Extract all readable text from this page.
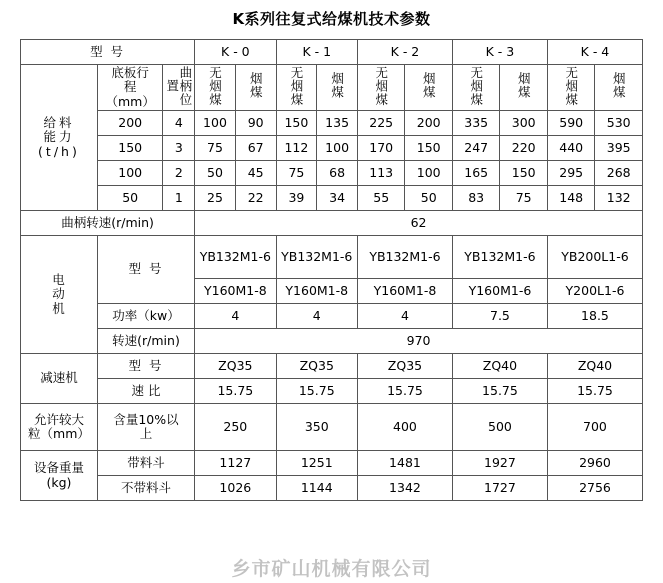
K系列往复式给煤机技术参数
型 号			K - 0		K - 1		K - 2		K - 3		K - 4	

给料
能力
(t/h)

底板行
程
（mm）	曲柄位置	无烟煤	烟煤	无烟煤	烟煤	无烟煤	烟煤	无烟煤	烟煤	无烟煤	烟煤
	200	4	100	90	150	135	225	200	335	300	590	530
	150	3	75	67	112	100	170	150	247	220	440	395
	100	2	50	45	75	68	113	100	165	150	295	268
	50	1	25	22	39	34	55	50	83	75	148	132
曲柄转速(r/min)			62									

电
动
机	型 号		YB132M1-6		YB132M1-6		YB132M1-6		YB132M1-6		YB200L1-6	
			Y160M1-8		Y160M1-8		Y160M1-8		Y160M1-6		Y200L1-6	
	功率（kw）		4		4		4		7.5		18.5	
	转速(r/min)		970									
减速机	型 号		ZQ35		ZQ35		ZQ35		ZQ40		ZQ40	
	速 比		15.75		15.75		15.75		15.75		15.75	

允许较大
粒（mm）

含量10%以
上	250	350	400	500	700

设备重量
(kg)	带料斗		1127		1251		1481		1927		2960	
	不带料斗		1026		1144		1342		1727		2756	
乡市矿山机械有限公司
